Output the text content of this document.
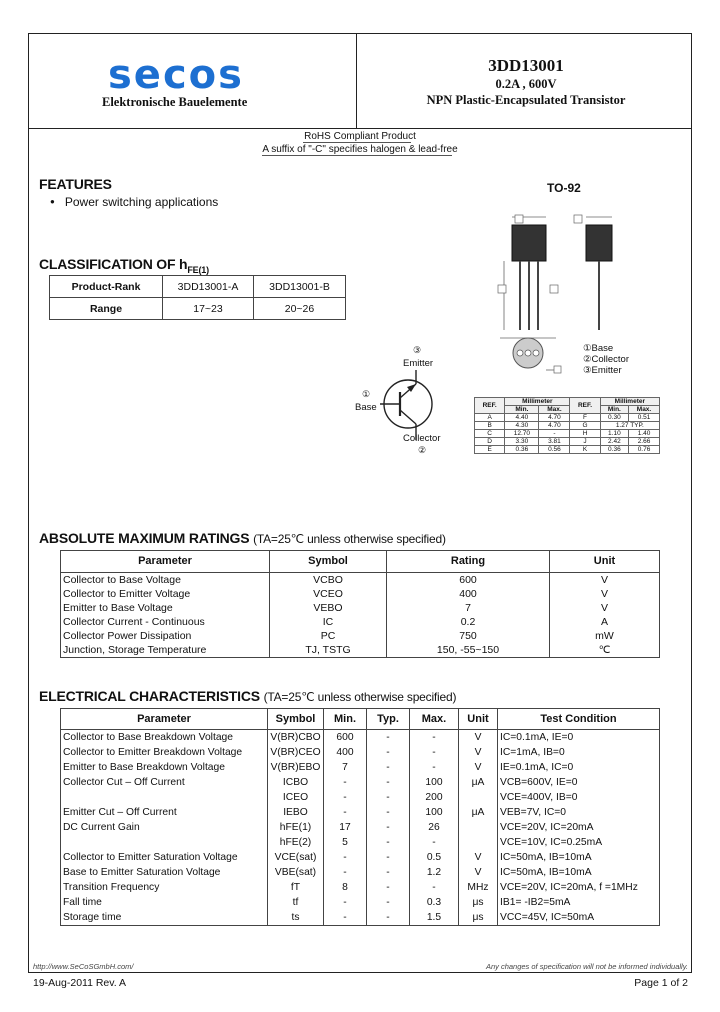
secos
Elektronische Bauelemente
3DD13001
0.2A , 600V
NPN Plastic-Encapsulated Transistor
RoHS Compliant Product
A suffix of "-C" specifies halogen & lead-free
FEATURES
● Power switching applications
CLASSIFICATION OF $h_{FE(1)}$
Product-Rank	3DD13001-A	3DD13001-B
Range	17~23	20~26
TO-92
①Base
②Collector
③Emitter
③
Emitter
①
Base
Collector
②
REF.	Millimeter		REF.	Millimeter	
	Min.	Max.		Min.	Max.
A	4.40	4.70	F	0.30	0.51
B	4.30	4.70	G	1.27 TYP.	
C	12.70	-	H	1.10	1.40
D	3.30	3.81	J	2.42	2.66
E	0.36	0.56	K	0.36	0.76
ABSOLUTE MAXIMUM RATINGS (TA=25℃ unless otherwise specified)
Parameter	Symbol	Rating	Unit
Collector to Base Voltage	VCBO	600	V
Collector to Emitter Voltage	VCEO	400	V
Emitter to Base Voltage	VEBO	7	V
Collector Current - Continuous	IC	0.2	A
Collector Power Dissipation	PC	750	mW
Junction, Storage Temperature	TJ, TSTG	150, -55~150	℃
ELECTRICAL CHARACTERISTICS (TA=25℃ unless otherwise specified)
Parameter	Symbol	Min.	Typ.	Max.	Unit	Test Condition
Collector to Base Breakdown Voltage	V(BR)CBO	600	-	-	V	IC=0.1mA, IE=0
Collector to Emitter Breakdown Voltage	V(BR)CEO	400	-	-	V	IC=1mA, IB=0
Emitter to Base Breakdown Voltage	V(BR)EBO	7	-	-	V	IE=0.1mA, IC=0
Collector Cut – Off Current	ICBO	-	-	100	μA	VCB=600V, IE=0
	ICEO	-	-	200		VCE=400V, IB=0
Emitter Cut – Off Current	IEBO	-	-	100	μA	VEB=7V, IC=0
DC Current Gain	hFE(1)	17	-	26		VCE=20V, IC=20mA
	hFE(2)	5	-	-		VCE=10V, IC=0.25mA
Collector to Emitter Saturation Voltage	VCE(sat)	-	-	0.5	V	IC=50mA, IB=10mA
Base to Emitter Saturation Voltage	VBE(sat)	-	-	1.2	V	IC=50mA, IB=10mA
Transition Frequency	fT	8	-	-	MHz	VCE=20V, IC=20mA, f =1MHz
Fall time	tf	-	-	0.3	μs	IB1= -IB2=5mA
Storage time	ts	-	-	1.5	μs	VCC=45V, IC=50mA
http://www.SeCoSGmbH.com/	Any changes of specification will not be informed individually.
19-Aug-2011 Rev. A	Page 1 of 2
